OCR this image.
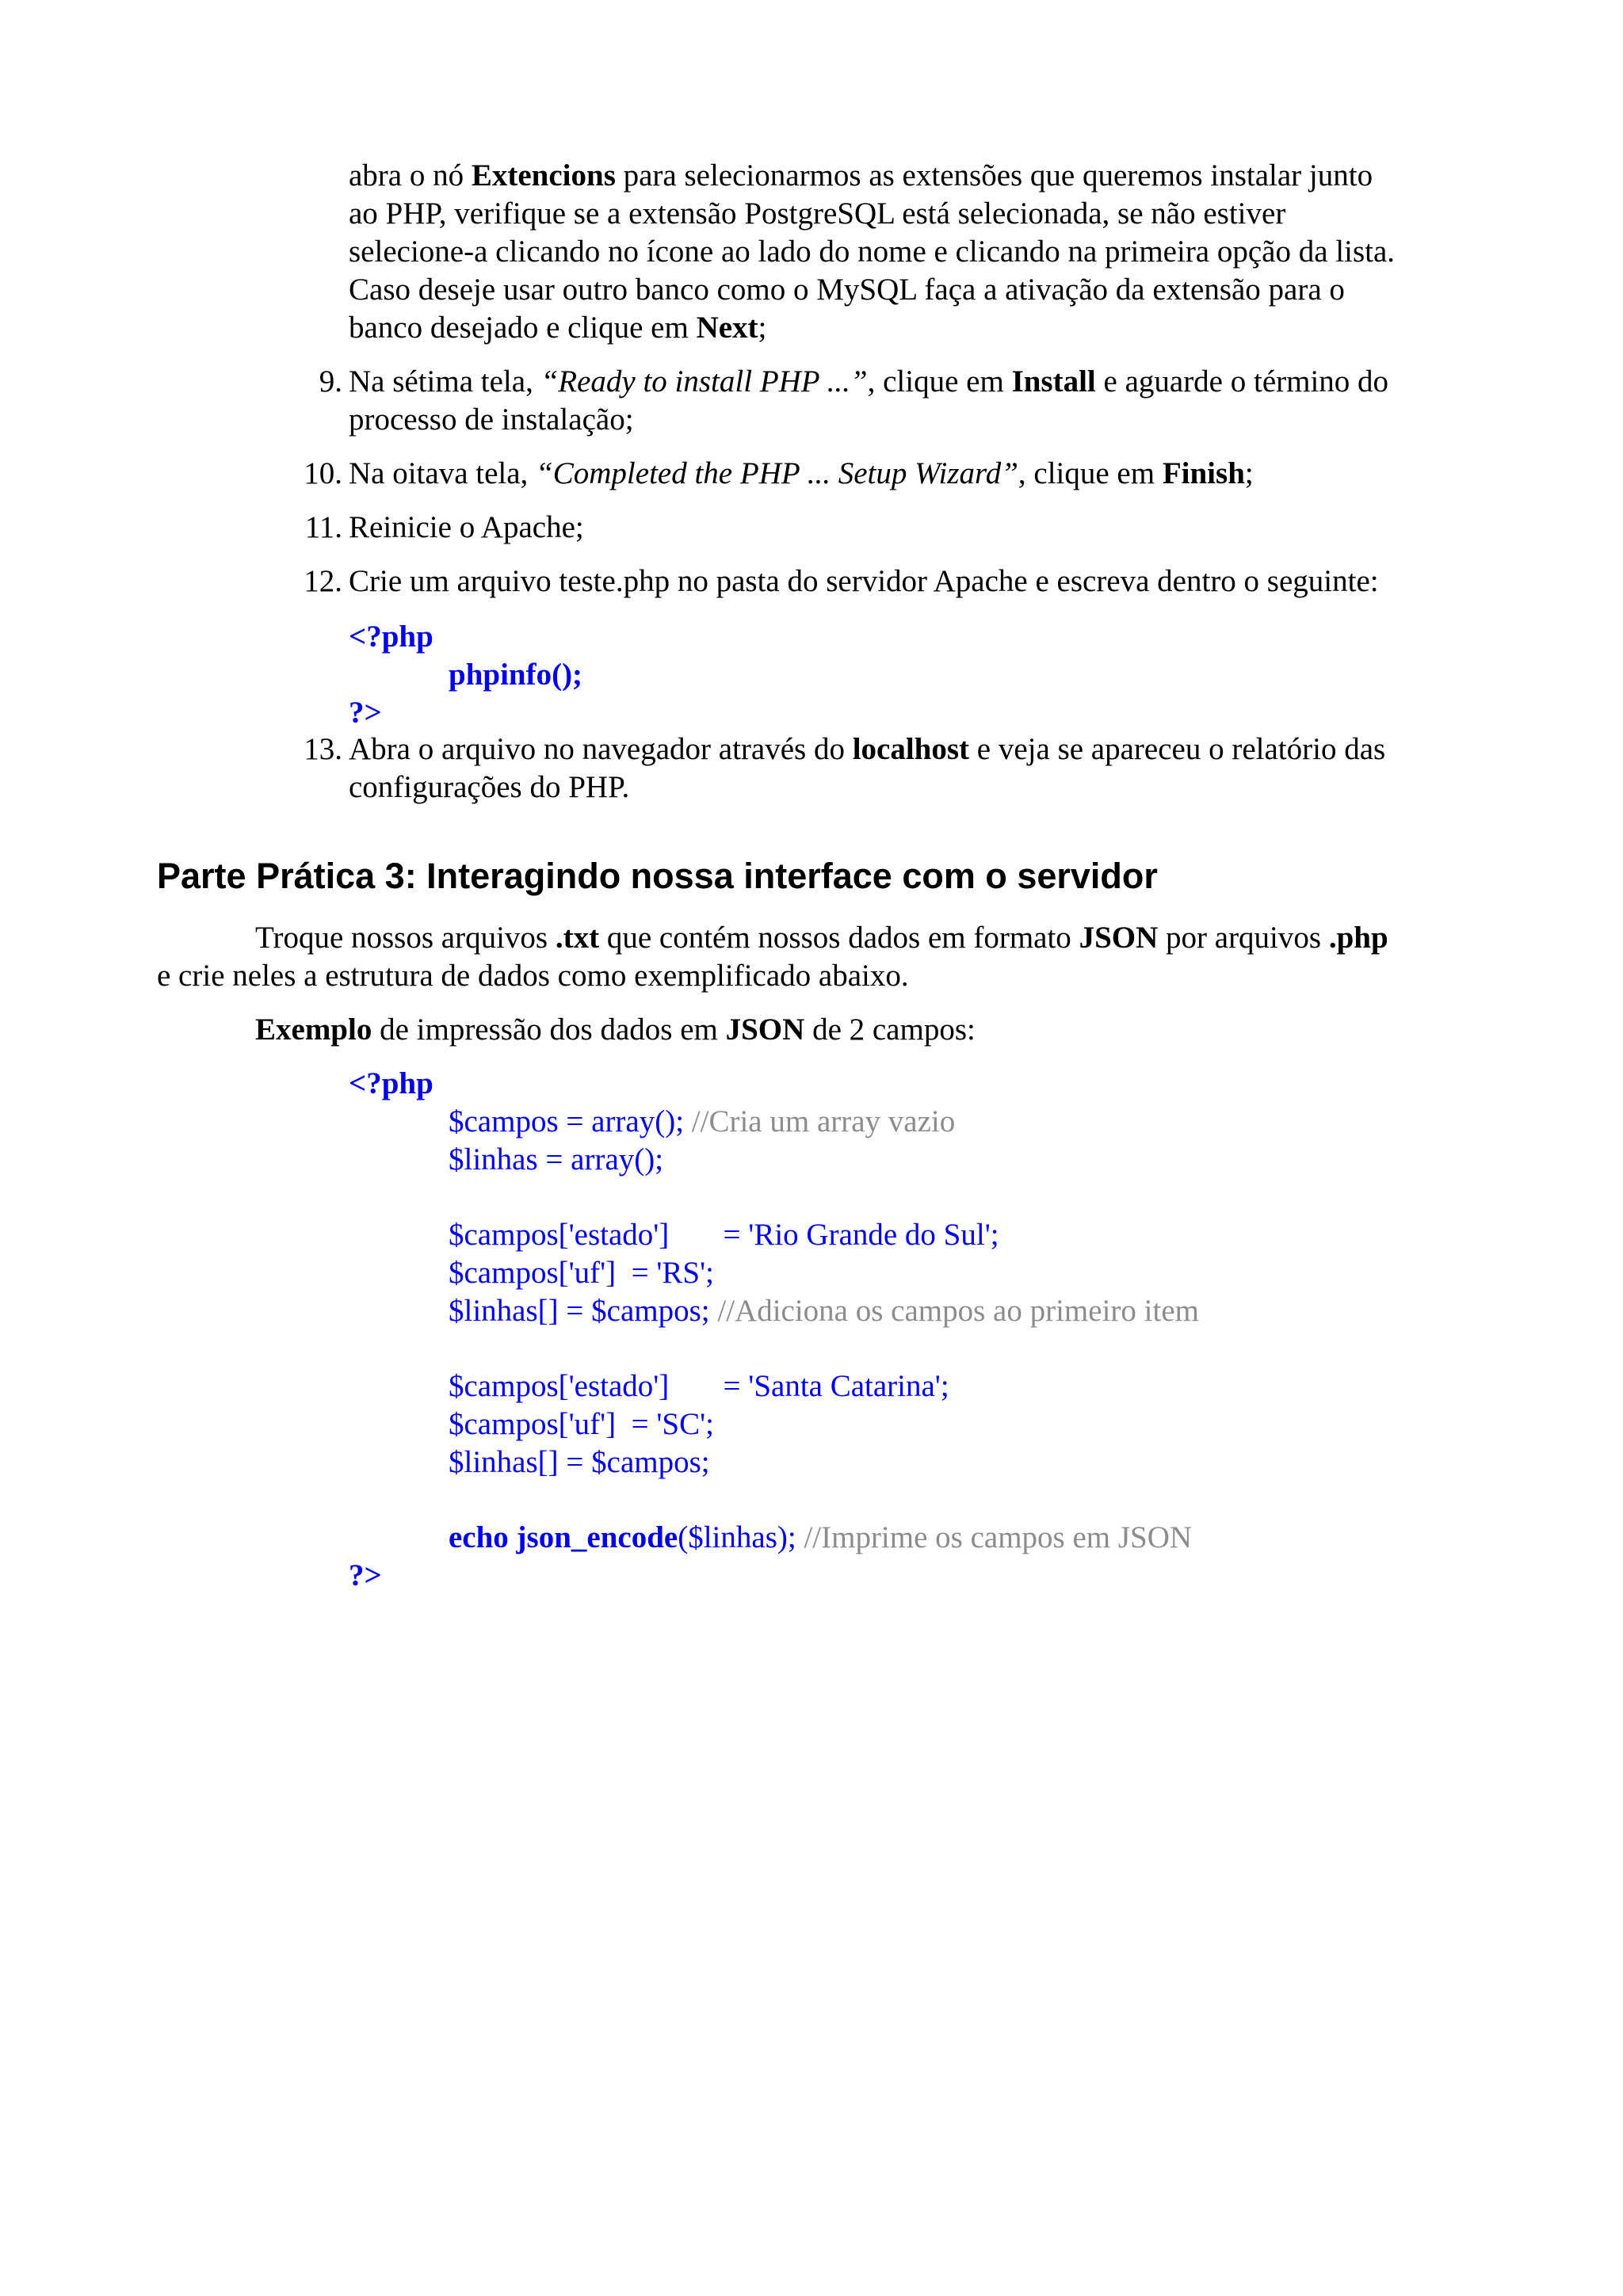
abra o nó Extencions para selecionarmos as extensões que queremos instalar junto
ao PHP, verifique se a extensão PostgreSQL está selecionada, se não estiver
selecione-a clicando no ícone ao lado do nome e clicando na primeira opção da lista.
Caso deseje usar outro banco como o MySQL faça a ativação da extensão para o
banco desejado e clique em Next;
9. Na sétima tela, “Ready to install PHP ...”, clique em Install e aguarde o término do
processo de instalação;
10. Na oitava tela, “Completed the PHP ... Setup Wizard”, clique em Finish;
11. Reinicie o Apache;
12. Crie um arquivo teste.php no pasta do servidor Apache e escreva dentro o seguinte:
<?php
phpinfo();
?>
13. Abra o arquivo no navegador através do localhost e veja se apareceu o relatório das
configurações do PHP.
Parte Prática 3: Interagindo nossa interface com o servidor
Troque nossos arquivos .txt que contém nossos dados em formato JSON por arquivos .php
e crie neles a estrutura de dados como exemplificado abaixo.
Exemplo de impressão dos dados em JSON de 2 campos:
<?php
$campos = array(); //Cria um array vazio
$linhas = array();
$campos['estado']       = 'Rio Grande do Sul';
$campos['uf']  = 'RS';
$linhas[] = $campos; //Adiciona os campos ao primeiro item
$campos['estado']       = 'Santa Catarina';
$campos['uf']  = 'SC';
$linhas[] = $campos;
echo json_encode($linhas); //Imprime os campos em JSON
?>
